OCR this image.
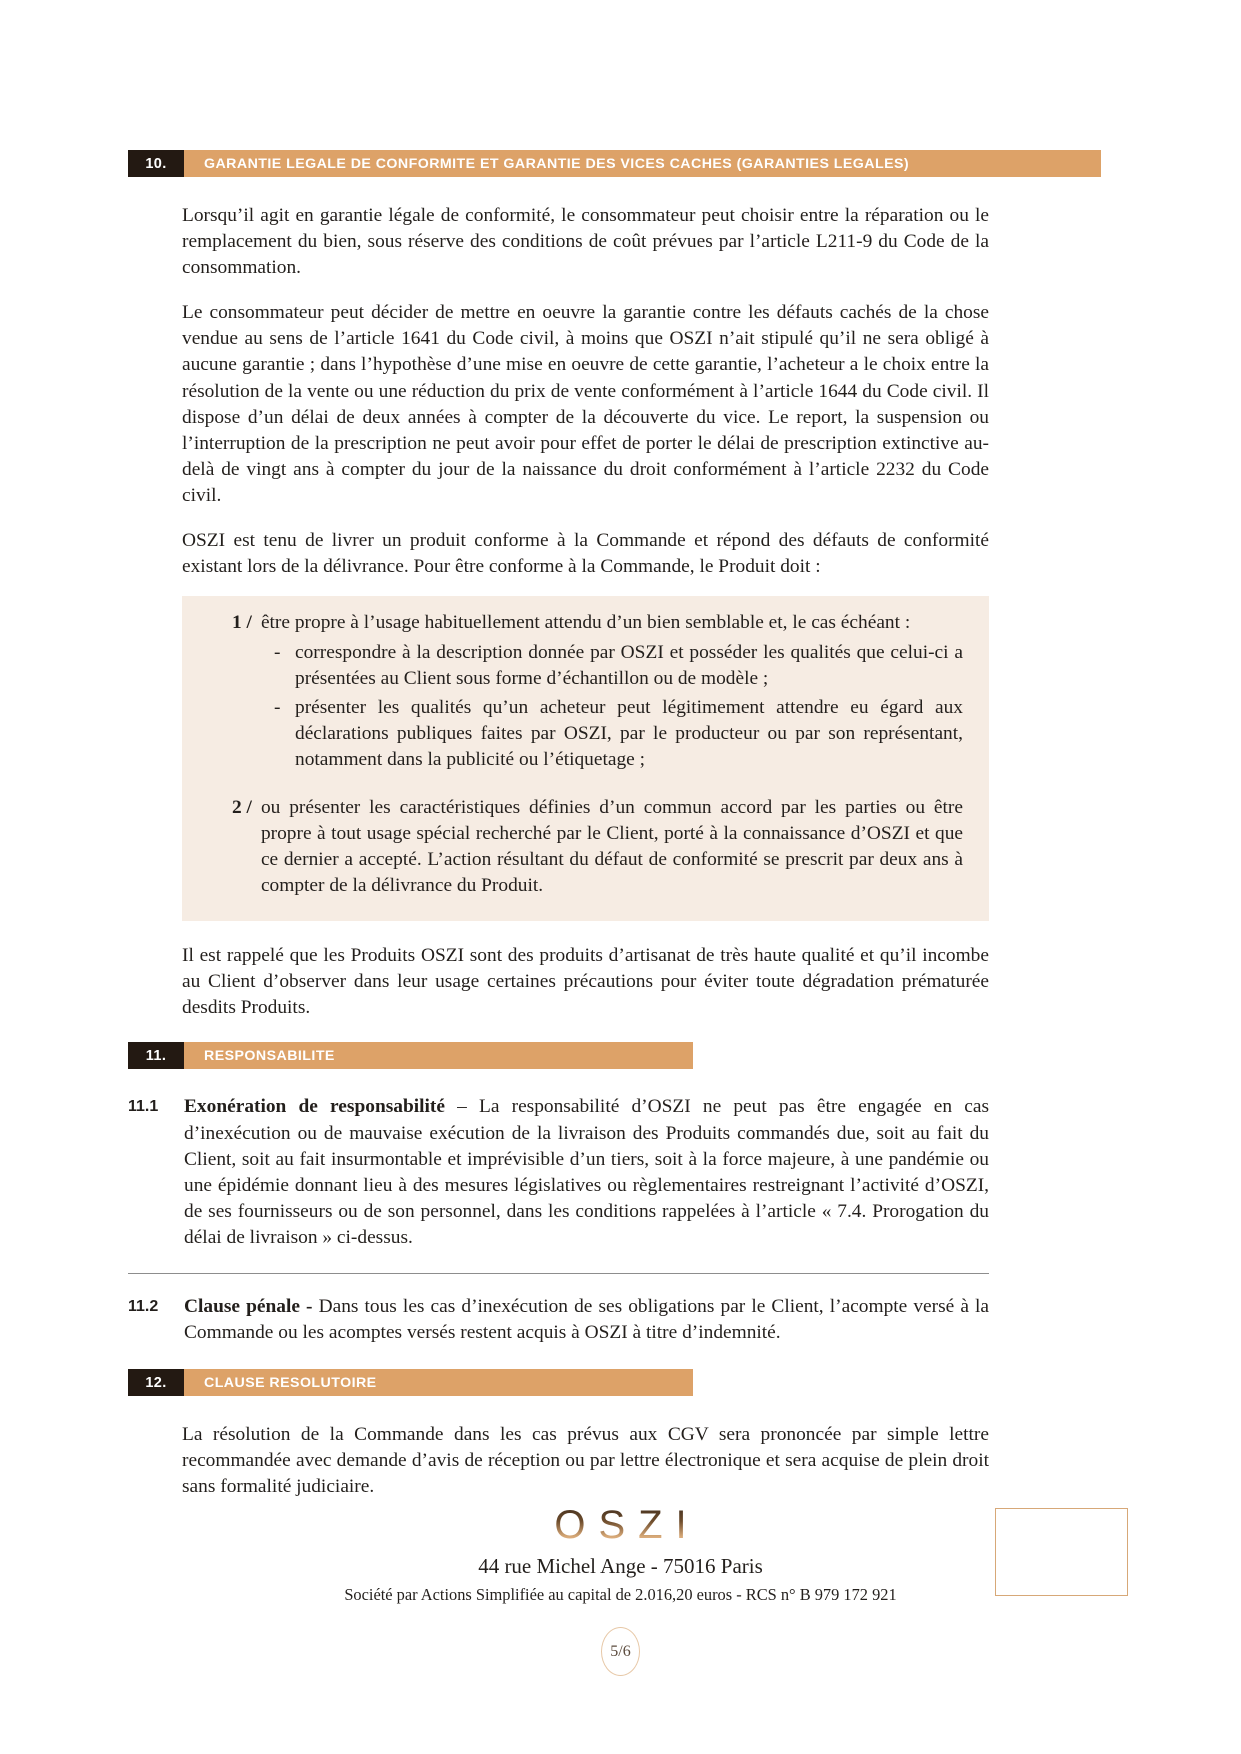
10.	GARANTIE LEGALE DE CONFORMITE ET GARANTIE DES VICES CACHES (GARANTIES LEGALES)

Lorsqu’il agit en garantie légale de conformité, le consommateur peut choisir entre la réparation ou le remplacement du bien, sous réserve des conditions de coût prévues par l’article L211-9 du Code de la consommation.

Le consommateur peut décider de mettre en oeuvre la garantie contre les défauts cachés de la chose vendue au sens de l’article 1641 du Code civil, à moins que OSZI n’ait stipulé qu’il ne sera obligé à aucune garantie ; dans l’hypothèse d’une mise en oeuvre de cette garantie, l’acheteur a le choix entre la résolution de la vente ou une réduction du prix de vente conformément à l’article 1644 du Code civil. Il dispose d’un délai de deux années à compter de la découverte du vice. Le report, la suspension ou l’interruption de la prescription ne peut avoir pour effet de porter le délai de prescription extinctive au-delà de vingt ans à compter du jour de la naissance du droit conformément à l’article 2232 du Code civil.

OSZI est tenu de livrer un produit conforme à la Commande et répond des défauts de conformité existant lors de la délivrance. Pour être conforme à la Commande, le Produit doit :

1 / être propre à l’usage habituellement attendu d’un bien semblable et, le cas échéant :
- correspondre à la description donnée par OSZI et posséder les qualités que celui-ci a présentées au Client sous forme d’échantillon ou de modèle ;
- présenter les qualités qu’un acheteur peut légitimement attendre eu égard aux déclarations publiques faites par OSZI, par le producteur ou par son représentant, notamment dans la publicité ou l’étiquetage ;
2 / ou présenter les caractéristiques définies d’un commun accord par les parties ou être propre à tout usage spécial recherché par le Client, porté à la connaissance d’OSZI et que ce dernier a accepté. L’action résultant du défaut de conformité se prescrit par deux ans à compter de la délivrance du Produit.

Il est rappelé que les Produits OSZI sont des produits d’artisanat de très haute qualité et qu’il incombe au Client d’observer dans leur usage certaines précautions pour éviter toute dégradation prématurée desdits Produits.

11.	RESPONSABILITE
11.1	Exonération de responsabilité – La responsabilité d’OSZI ne peut pas être engagée en cas d’inexécution ou de mauvaise exécution de la livraison des Produits commandés due, soit au fait du Client, soit au fait insurmontable et imprévisible d’un tiers, soit à la force majeure, à une pandémie ou une épidémie donnant lieu à des mesures législatives ou règlementaires restreignant l’activité d’OSZI, de ses fournisseurs ou de son personnel, dans les conditions rappelées à l’article « 7.4. Prorogation du délai de livraison » ci-dessus.
11.2	Clause pénale - Dans tous les cas d’inexécution de ses obligations par le Client, l’acompte versé à la Commande ou les acomptes versés restent acquis à OSZI à titre d’indemnité.
12.	CLAUSE RESOLUTOIRE

La résolution de la Commande dans les cas prévus aux CGV sera prononcée par simple lettre recommandée avec demande d’avis de réception ou par lettre électronique et sera acquise de plein droit sans formalité judiciaire.

OSZI
44 rue Michel Ange - 75016 Paris
Société par Actions Simplifiée au capital de 2.016,20 euros - RCS n° B 979 172 921
5/6
